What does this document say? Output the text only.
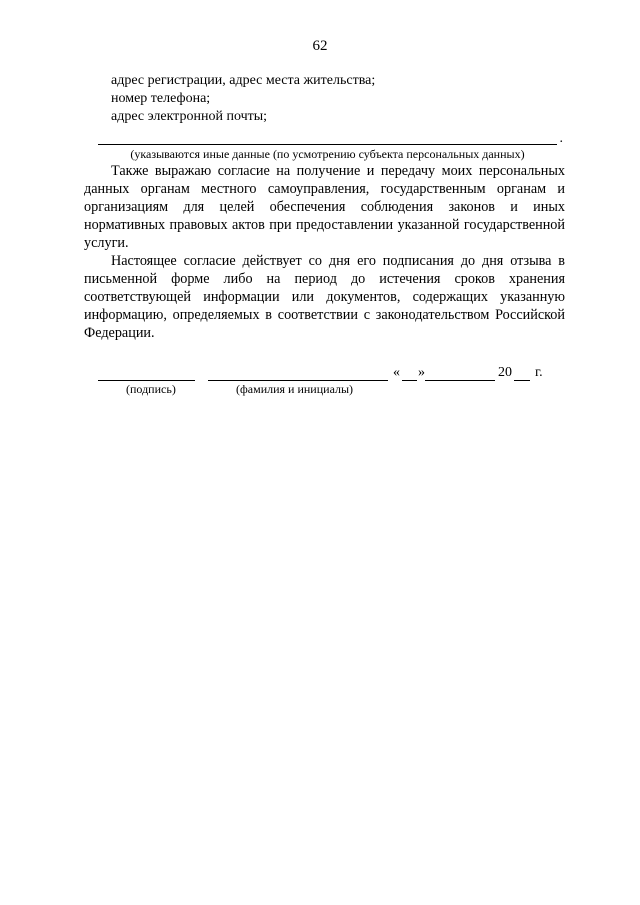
62

адрес регистрации, адрес места жительства;

номер телефона;

адрес электронной почты;

.
(указываются иные данные (по усмотрению субъекта персональных данных)

Также выражаю согласие на получение и передачу моих персональных данных органам местного самоуправления, государственным органам и организациям для целей обеспечения соблюдения законов и иных нормативных правовых актов при предоставлении указанной государственной услуги.

Настоящее согласие действует со дня его подписания до дня отзыва в письменной форме либо на период до истечения сроков хранения соответствующей информации или документов, содержащих указанную информацию, определяемых в соответствии с законодательством Российской Федерации.

« »	20 г.
(подпись)	(фамилия и инициалы)
